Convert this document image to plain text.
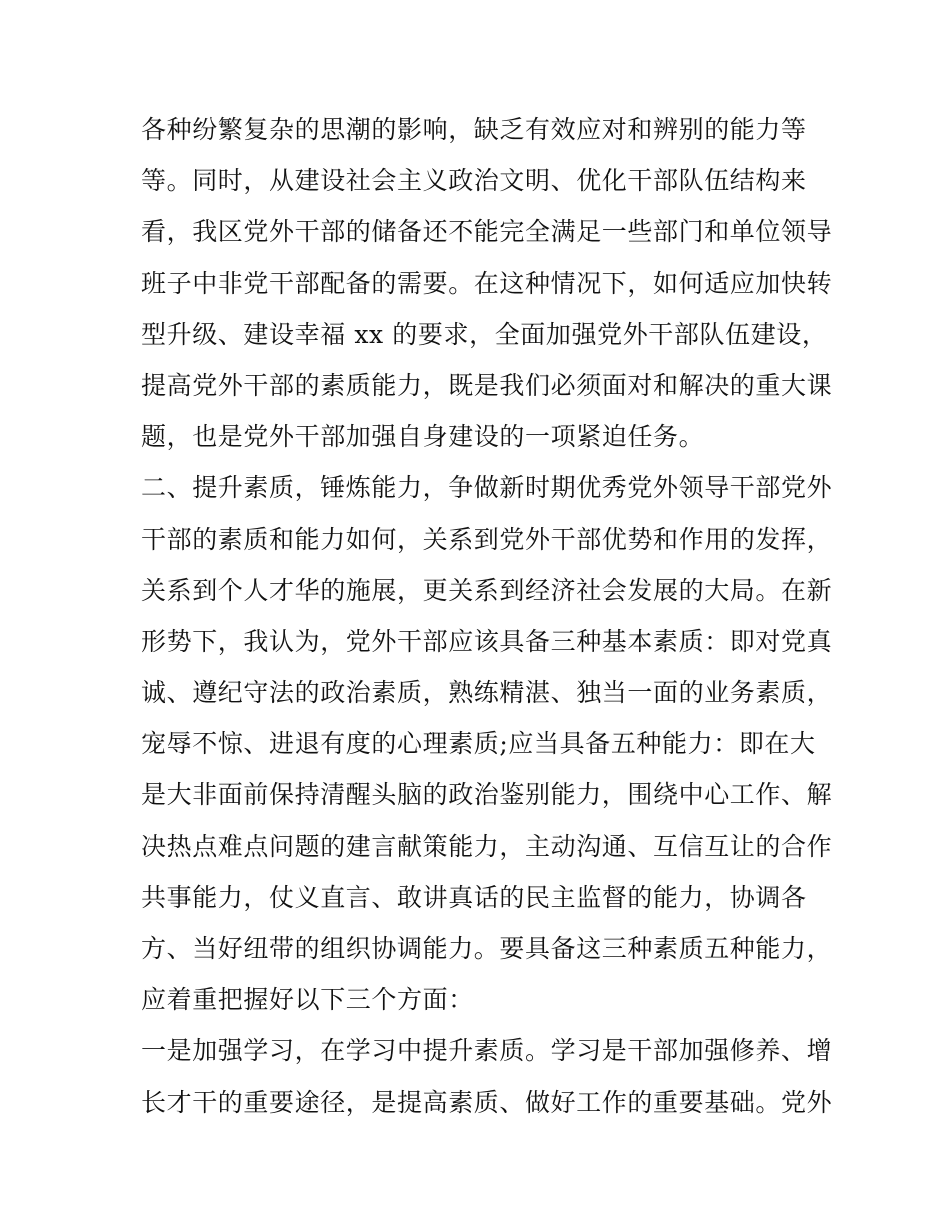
各种纷繁复杂的思潮的影响，缺乏有效应对和辨别的能力等
等。同时，从建设社会主义政治文明、优化干部队伍结构来
看，我区党外干部的储备还不能完全满足一些部门和单位领导
班子中非党干部配备的需要。在这种情况下，如何适应加快转
型升级、建设幸福 xx 的要求，全面加强党外干部队伍建设，
提高党外干部的素质能力，既是我们必须面对和解决的重大课
题，也是党外干部加强自身建设的一项紧迫任务。
二、提升素质，锤炼能力，争做新时期优秀党外领导干部党外
干部的素质和能力如何，关系到党外干部优势和作用的发挥，
关系到个人才华的施展，更关系到经济社会发展的大局。在新
形势下，我认为，党外干部应该具备三种基本素质：即对党真
诚、遵纪守法的政治素质，熟练精湛、独当一面的业务素质，
宠辱不惊、进退有度的心理素质;应当具备五种能力：即在大
是大非面前保持清醒头脑的政治鉴别能力，围绕中心工作、解
决热点难点问题的建言献策能力，主动沟通、互信互让的合作
共事能力，仗义直言、敢讲真话的民主监督的能力，协调各
方、当好纽带的组织协调能力。要具备这三种素质五种能力，
应着重把握好以下三个方面：
一是加强学习，在学习中提升素质。学习是干部加强修养、增
长才干的重要途径，是提高素质、做好工作的重要基础。党外
